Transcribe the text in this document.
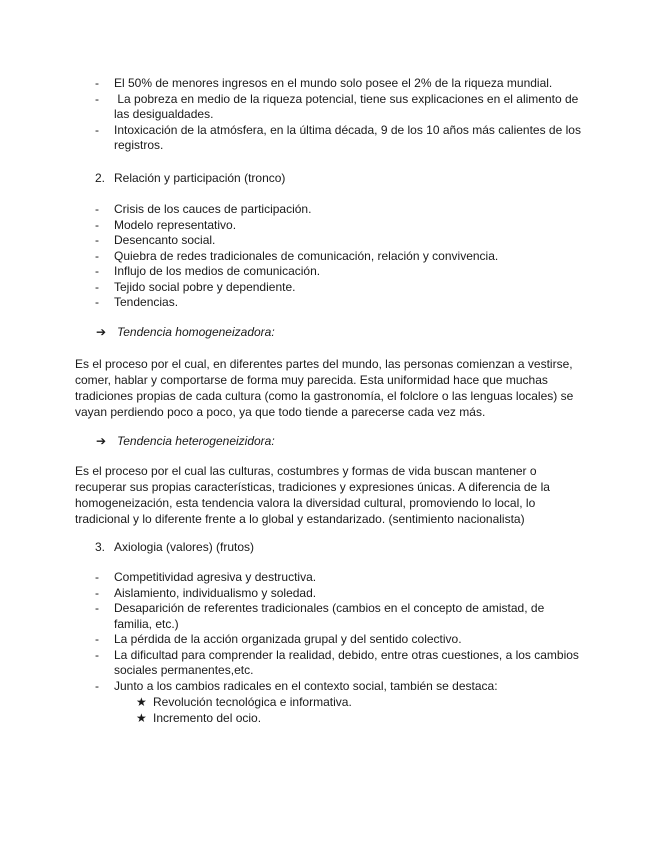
- El 50% de menores ingresos en el mundo solo posee el 2% de la riqueza mundial.
- La pobreza en medio de la riqueza potencial, tiene sus explicaciones en el alimento de las desigualdades.
- Intoxicación de la atmósfera, en la última década, 9 de los 10 años más calientes de los registros.
2. Relación y participación (tronco)
- Crisis de los cauces de participación.
- Modelo representativo.
- Desencanto social.
- Quiebra de redes tradicionales de comunicación, relación y convivencia.
- Influjo de los medios de comunicación.
- Tejido social pobre y dependiente.
- Tendencias.
➔ Tendencia homogeneizadora:

Es el proceso por el cual, en diferentes partes del mundo, las personas comienzan a vestirse, comer, hablar y comportarse de forma muy parecida. Esta uniformidad hace que muchas tradiciones propias de cada cultura (como la gastronomía, el folclore o las lenguas locales) se vayan perdiendo poco a poco, ya que todo tiende a parecerse cada vez más.

➔ Tendencia heterogeneizidora:

Es el proceso por el cual las culturas, costumbres y formas de vida buscan mantener o recuperar sus propias características, tradiciones y expresiones únicas. A diferencia de la homogeneización, esta tendencia valora la diversidad cultural, promoviendo lo local, lo tradicional y lo diferente frente a lo global y estandarizado. (sentimiento nacionalista)

3. Axiologia (valores) (frutos)
- Competitividad agresiva y destructiva.
- Aislamiento, individualismo y soledad.
- Desaparición de referentes tradicionales (cambios en el concepto de amistad, de familia, etc.)
- La pérdida de la acción organizada grupal y del sentido colectivo.
- La dificultad para comprender la realidad, debido, entre otras cuestiones, a los cambios sociales permanentes,etc.
- Junto a los cambios radicales en el contexto social, también se destaca:
★ Revolución tecnológica e informativa.
★ Incremento del ocio.
